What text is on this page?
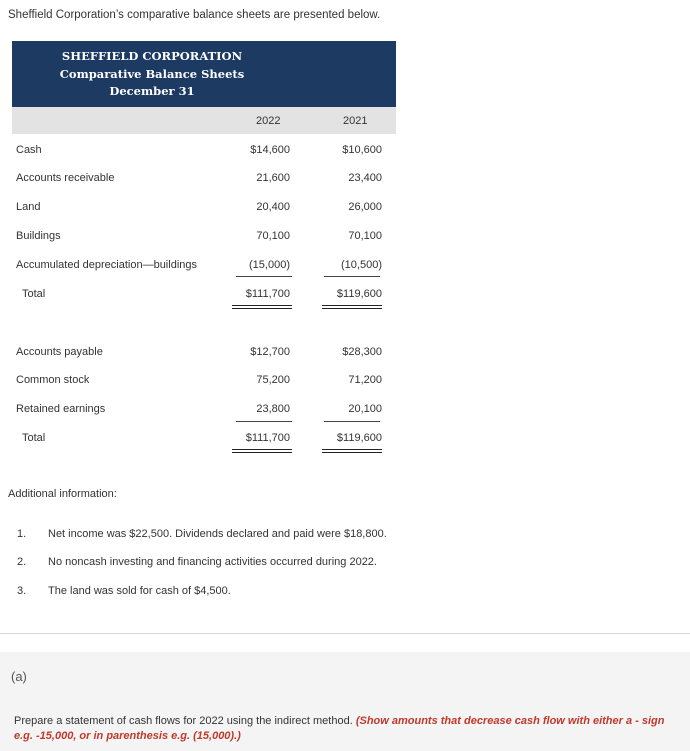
Sheffield Corporation’s comparative balance sheets are presented below.
SHEFFIELD CORPORATION
Comparative Balance Sheets
December 31
2022	2021
Cash	$14,600	$10,600
Accounts receivable	21,600	23,400
Land	20,400	26,000
Buildings	70,100	70,100
Accumulated depreciation—buildings	(15,000)	(10,500)
Total	$111,700	$119,600
Accounts payable	$12,700	$28,300
Common stock	75,200	71,200
Retained earnings	23,800	20,100
Total	$111,700	$119,600
Additional information:
1. Net income was $22,500. Dividends declared and paid were $18,800.
2. No noncash investing and financing activities occurred during 2022.
3. The land was sold for cash of $4,500.
(a)
Prepare a statement of cash flows for 2022 using the indirect method. (Show amounts that decrease cash flow with either a - sign e.g. -15,000, or in parenthesis e.g. (15,000).)
